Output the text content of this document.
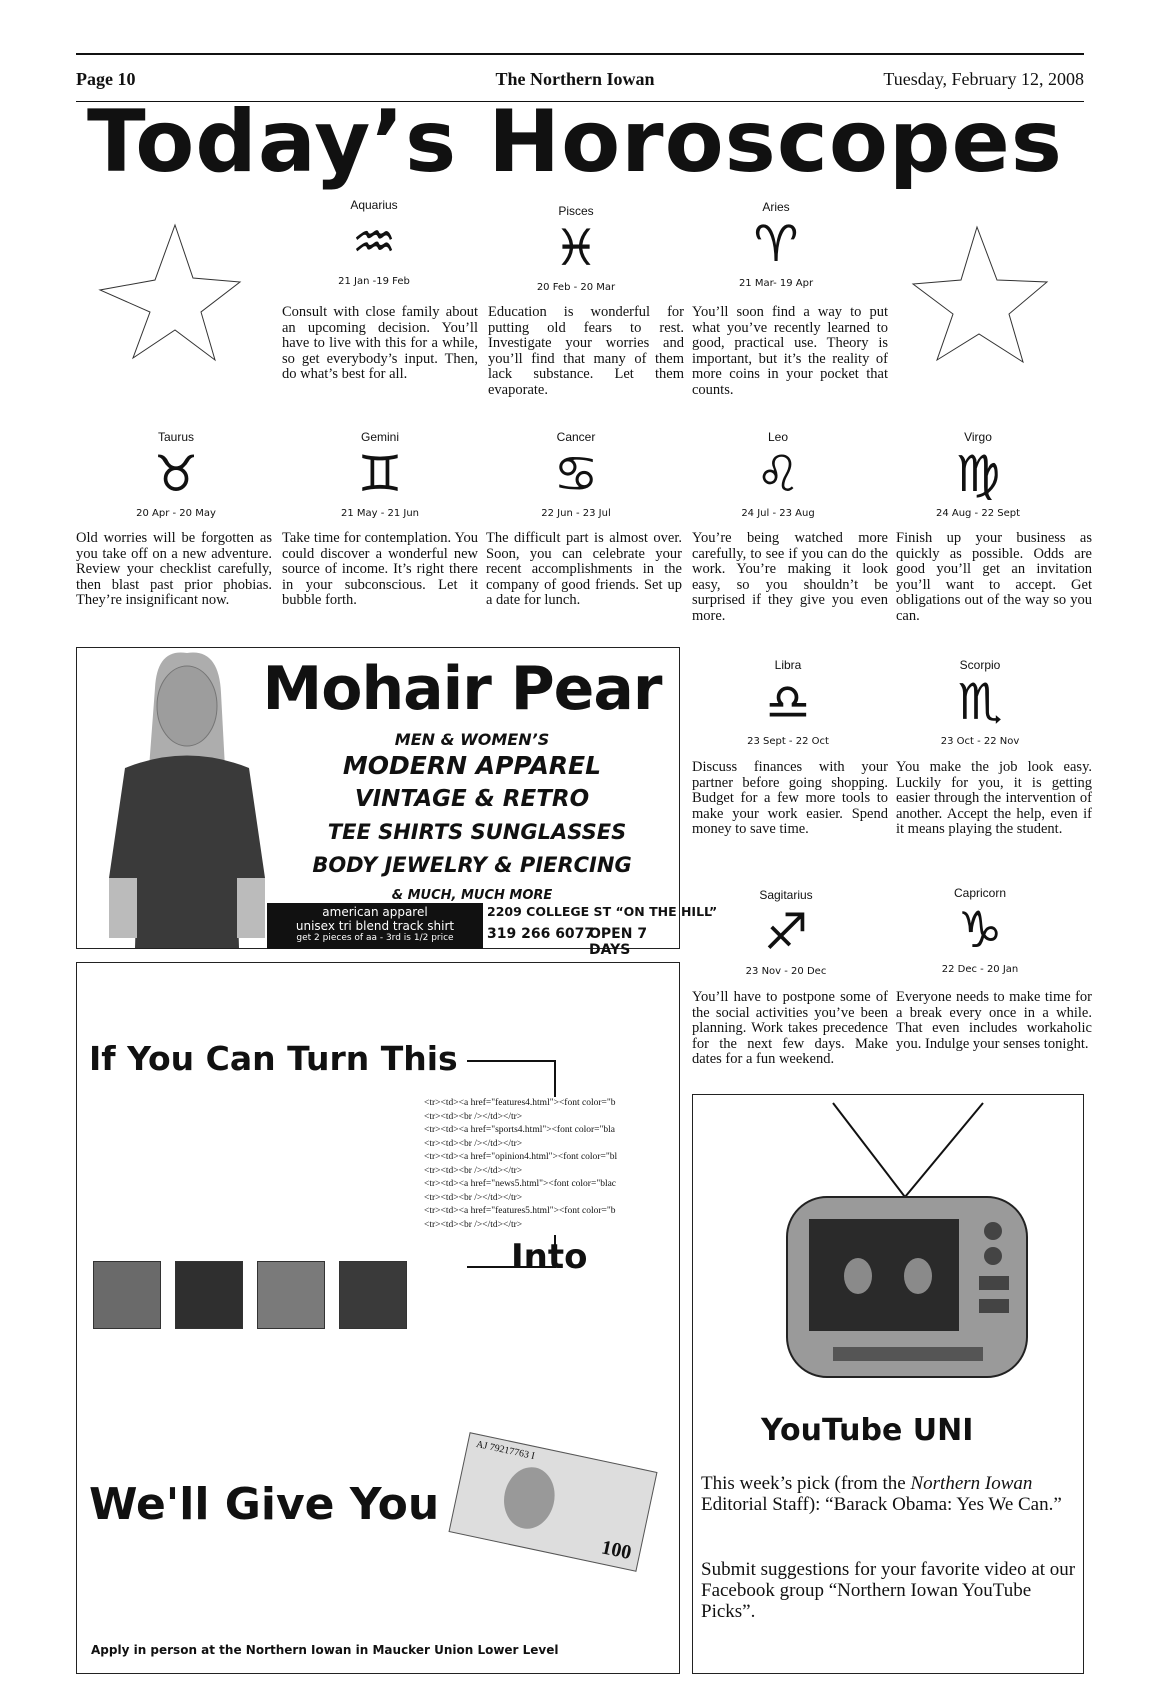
Page 10	The Northern Iowan	Tuesday, February 12, 2008
Today’s Horoscopes
Aquarius
♒
21 Jan -19 Feb
Consult with close family about an upcoming decision. You’ll have to live with this for a while, so get everybody’s input. Then, do what’s best for all.
Pisces
♓
20 Feb - 20 Mar
Education is wonderful for putting old fears to rest. Investigate your worries and you’ll find that many of them lack substance. Let them evaporate.
Aries
♈
21 Mar- 19 Apr
You’ll soon find a way to put what you’ve recently learned to good, practical use. Theory is important, but it’s the reality of more coins in your pocket that counts.
Taurus
♉
20 Apr - 20 May
Old worries will be forgotten as you take off on a new adventure. Review your checklist carefully, then blast past prior phobias. They’re insignificant now.
Gemini
♊
21 May - 21 Jun
Take time for contemplation. You could discover a wonderful new source of income. It’s right there in your subconscious. Let it bubble forth.
Cancer
♋
22 Jun - 23 Jul
The difficult part is almost over. Soon, you can celebrate your recent accomplishments in the company of good friends. Set up a date for lunch.
Leo
♌
24 Jul - 23 Aug
You’re being watched more carefully, to see if you can do the work. You’re making it look easy, so you shouldn’t be surprised if they give you even more.
Virgo
♍
24 Aug - 22 Sept
Finish up your business as quickly as possible. Odds are good you’ll get an invitation you’ll want to accept. Get obligations out of the way so you can.
Libra
♎
23 Sept - 22 Oct
Discuss finances with your partner before going shopping. Budget for a few more tools to make your work easier. Spend money to save time.
Scorpio
♏
23 Oct - 22 Nov
You make the job look easy. Luckily for you, it is getting easier through the intervention of another. Accept the help, even if it means playing the student.
Sagitarius
♐
23 Nov - 20 Dec
You’ll have to postpone some of the social activities you’ve been planning. Work takes precedence for the next few days. Make dates for a fun weekend.
Capricorn
♑
22 Dec - 20 Jan
Everyone needs to make time for a break every once in a while. That even includes workaholic you. Indulge your senses tonight.
Mohair Pear
MEN & WOMEN’S
MODERN APPAREL
VINTAGE & RETRO
TEE SHIRTS SUNGLASSES
BODY JEWELRY & PIERCING
& MUCH, MUCH MORE
american apparel
unisex tri blend track shirt
get 2 pieces of aa - 3rd is 1/2 price
2209 COLLEGE ST “ON THE HILL”
319 266 6077
OPEN 7 DAYS
If You Can Turn This
<tr><td><a href="features4.html"><font color="b
<tr><td><br /></td></tr>
<tr><td><a href="sports4.html"><font color="bla
<tr><td><br /></td></tr>
<tr><td><a href="opinion4.html"><font color="bl
<tr><td><br /></td></tr>
<tr><td><a href="news5.html"><font color="blac
<tr><td><br /></td></tr>
<tr><td><a href="features5.html"><font color="b
<tr><td><br /></td></tr>
Into
We'll Give You
AJ 79217763 I
100
Apply in person at the Northern Iowan in Maucker Union Lower Level
YouTube UNI
This week’s pick (from the Northern Iowan Editorial Staff): “Barack Obama: Yes We Can.”
Submit suggestions for your favorite video at our Facebook group “Northern Iowan YouTube Picks”.
